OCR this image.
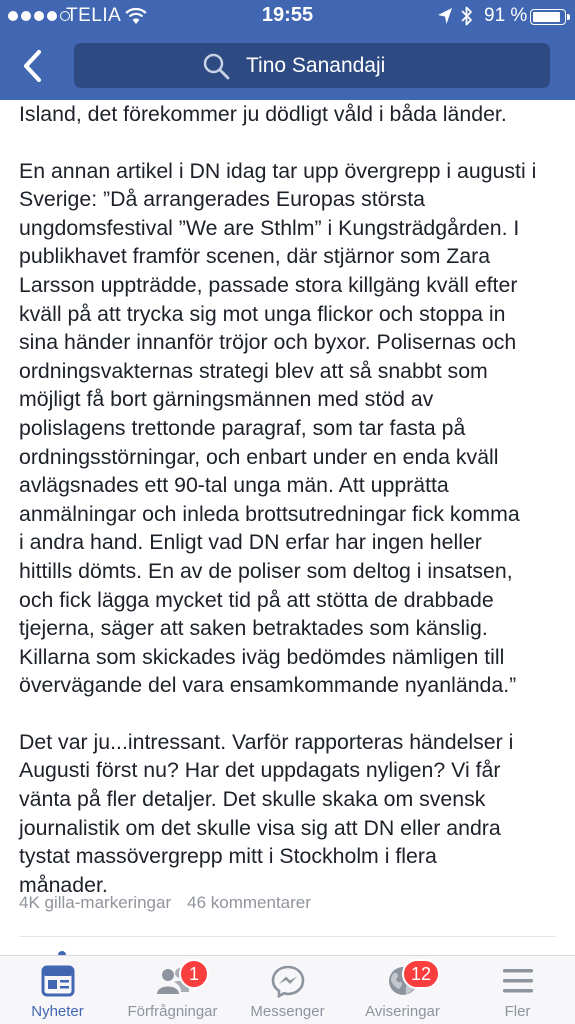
TELIA	19:55	91 %
Tino Sanandaji

Island, det förekommer ju dödligt våld i båda länder.

En annan artikel i DN idag tar upp övergrepp i augusti i
Sverige: ”Då arrangerades Europas största
ungdomsfestival ”We are Sthlm” i Kungsträdgården. I
publikhavet framför scenen, där stjärnor som Zara
Larsson uppträdde, passade stora killgäng kväll efter
kväll på att trycka sig mot unga flickor och stoppa in
sina händer innanför tröjor och byxor. Polisernas och
ordningsvakternas strategi blev att så snabbt som
möjligt få bort gärningsmännen med stöd av
polislagens trettonde paragraf, som tar fasta på
ordningsstörningar, och enbart under en enda kväll
avlägsnades ett 90-tal unga män. Att upprätta
anmälningar och inleda brottsutredningar fick komma
i andra hand. Enligt vad DN erfar har ingen heller
hittills dömts. En av de poliser som deltog i insatsen,
och fick lägga mycket tid på att stötta de drabbade
tjejerna, säger att saken betraktades som känslig.
Killarna som skickades iväg bedömdes nämligen till
övervägande del vara ensamkommande nyanlända.”

Det var ju...intressant. Varför rapporteras händelser i
Augusti först nu? Har det uppdagats nyligen? Vi får
vänta på fler detaljer. Det skulle skaka om svensk
journalistik om det skulle visa sig att DN eller andra
tystat massövergrepp mitt i Stockholm i flera
månader.

4K gilla-markeringar 46 kommentarer
Nyheter
1
Förfrågningar	Messenger
12
Aviseringar	Fler
